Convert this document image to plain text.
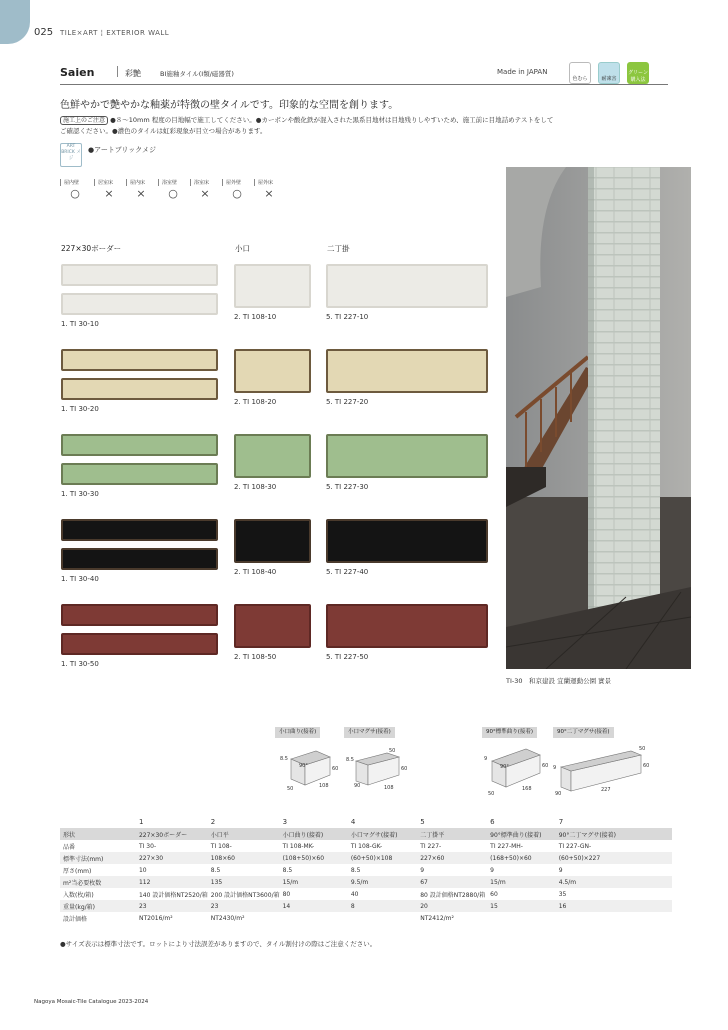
025 TILE×ART ¦ EXTERIOR WALL
Saien	彩艶	BI施釉タイル(Ⅰ類/磁器質)	Made in JAPAN
色むら	耐凍害
グリーン購入法
色鮮やかで艶やかな釉薬が特徴の壁タイルです。印象的な空間を創ります。
施工上のご注意 ●８～10mm 程度の目地幅で施工してください。●カーボンや酸化鉄が混入された黒系目地材は目地残りしやすいため、施工前に目地詰めテストをして
ご確認ください。●濃色のタイルは虹彩現象が目立つ場合があります。
ART BRICK メジ
●アートブリックメジ
屋内壁
○
居室床
×
屋内床
×
浴室壁
○
浴室床
×
屋外壁
○
屋外床
×
227×30ボーダー	小口	二丁掛
1. TI 30-10
2. TI 108-10	5. TI 227-10
1. TI 30-20
2. TI 108-20	5. TI 227-20
1. TI 30-30
2. TI 108-30	5. TI 227-30
1. TI 30-40
2. TI 108-40	5. TI 227-40
1. TI 30-50
2. TI 108-50	5. TI 227-50
TI-30　和京建設 宜蘭運動公園 實景
小口曲り(接着)	小口マグサ(接着)	90°標準曲り(接着)	90°二丁マグサ(接着)
8.5
90°	60
50	108
50
8.5
60
90	108
9
90°	60
50
168
50
9	60
90
227
	1	2	3	4	5	6	7
形状	227×30ボーダー	小口平	小口曲り(接着)	小口マグサ(接着)	二丁掛平	90°標準曲り(接着)	90°二丁マグサ(接着)
品番	TI 30-	TI 108-	TI 108-MK-	TI 108-GK-	TI 227-	TI 227-MH-	TI 227-GN-
標準寸法(mm)	227×30	108×60	(108+50)×60	(60+50)×108	227×60	(168+50)×60	(60+50)×227
厚さ(mm)	10	8.5	8.5	8.5	9	9	9
m²当必要枚数	112	135	15/m	9.5/m	67	15/m	4.5/m
入数(枚/箱)	140 設計価格NT2520/箱	200 設計価格NT3600/箱	80	40	80 設計価格NT2880/箱	60	35
重量(kg/箱)	23	23	14	8	20	15	16
設計価格	NT2016/m²	NT2430/m²			NT2412/m²		
●サイズ表示は標準寸法です。ロットにより寸法誤差がありますので、タイル割付けの際はご注意ください。
Nagoya Mosaic-Tile Catalogue 2023-2024
